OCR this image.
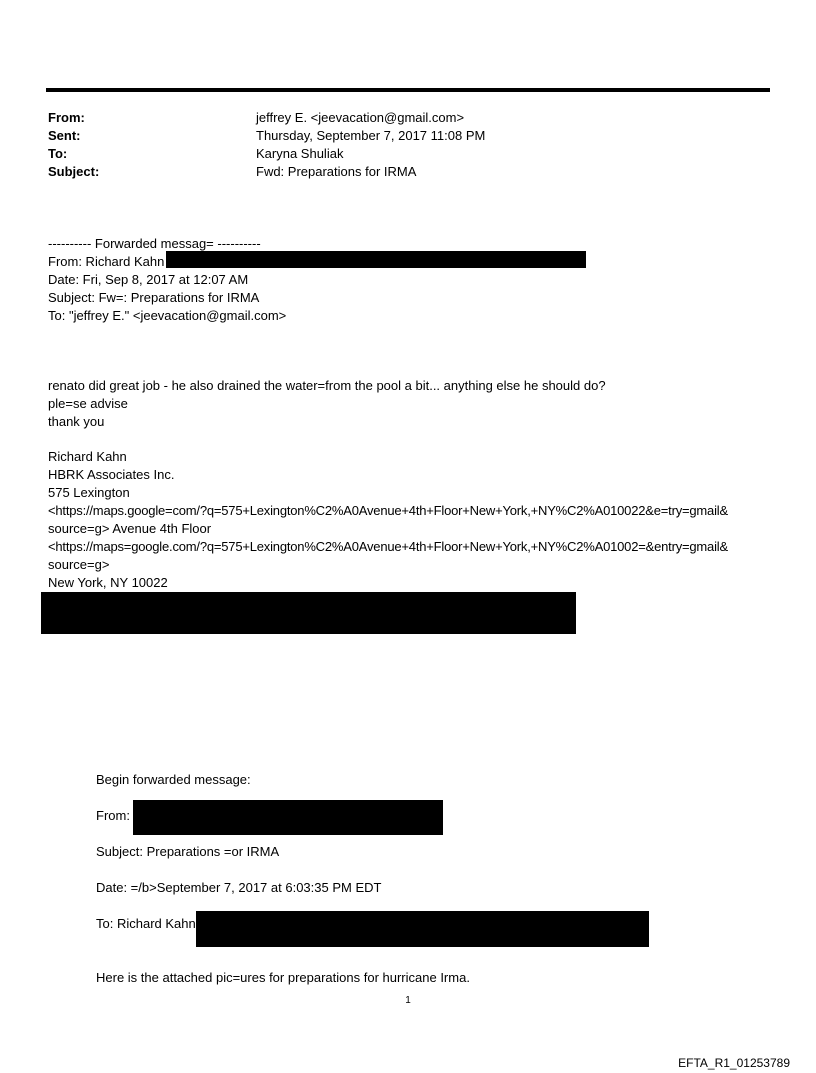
From:	jeffrey E. <jeevacation@gmail.com>
Sent:	Thursday, September 7, 2017 11:08 PM
To:	Karyna Shuliak
Subject:	Fwd: Preparations for IRMA
---------- Forwarded messag= ----------
From: Richard Kahn
Date: Fri, Sep 8, 2017 at 12:07 AM
Subject: Fw=: Preparations for IRMA
To: "jeffrey E." <jeevacation@gmail.com>
renato did great job - he also drained the water=from the pool a bit... anything else he should do?
ple=se advise
thank you
Richard Kahn
HBRK Associates Inc.
575 Lexington
<https://maps.google=com/?q=575+Lexington%C2%A0Avenue+4th+Floor+New+York,+NY%C2%A010022&e=try=gmail&
source=g> Avenue 4th Floor
<https://maps=google.com/?q=575+Lexington%C2%A0Avenue+4th+Floor+New+York,+NY%C2%A01002=&entry=gmail&
source=g>
New York, NY 10022
Begin forwarded message:
From:
Subject: Preparations =or IRMA
Date: =/b>September 7, 2017 at 6:03:35 PM EDT
To: Richard Kahn
Here is the attached pic=ures for preparations for hurricane Irma.
1
EFTA_R1_01253789
